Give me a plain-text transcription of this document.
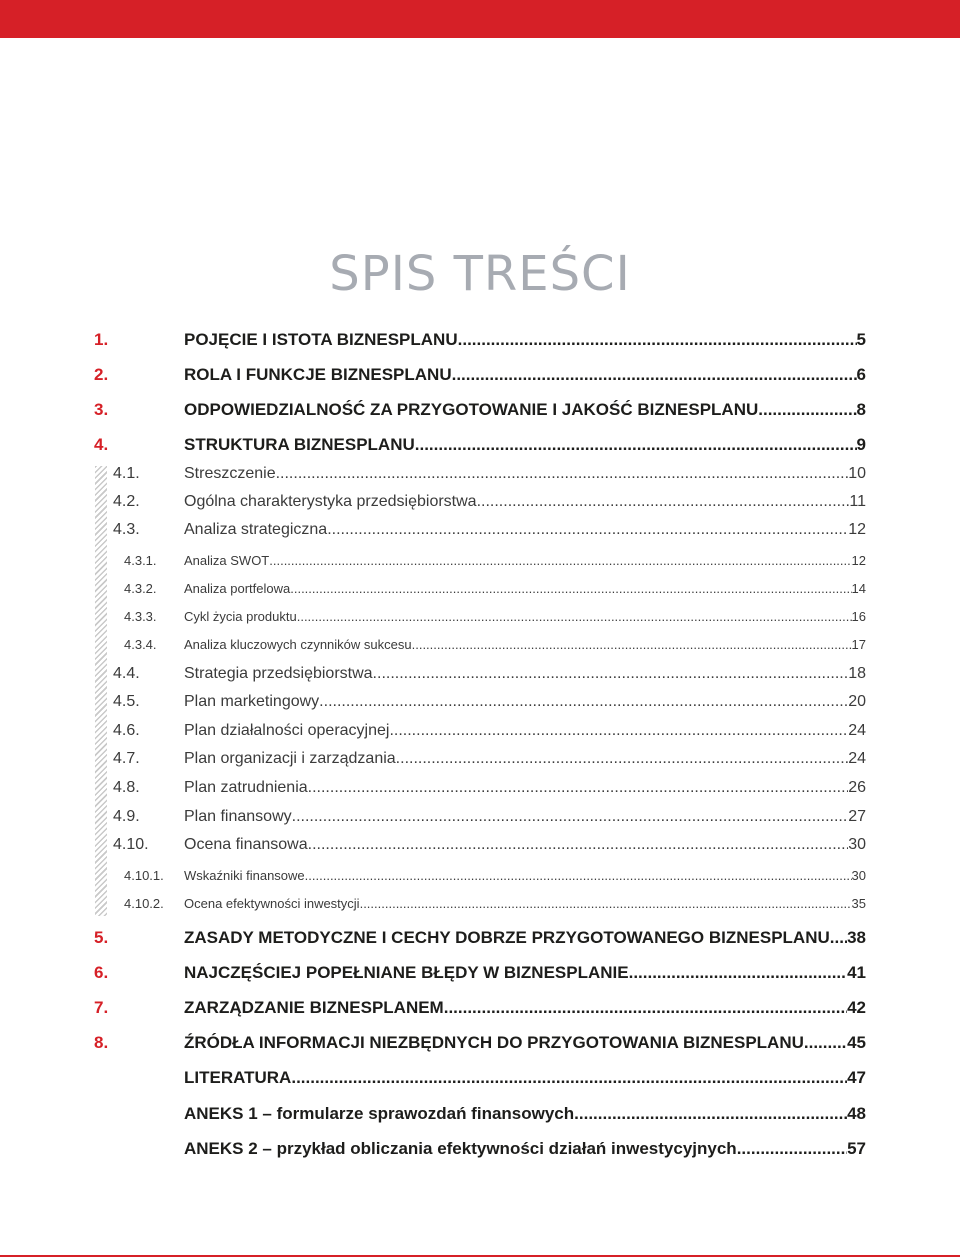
SPIS TREŚCI
1.	POJĘCIE I ISTOTA BIZNESPLANU .....	5
2.	ROLA I FUNKCJE BIZNESPLANU .....	6
3.	ODPOWIEDZIALNOŚĆ ZA PRZYGOTOWANIE I JAKOŚĆ BIZNESPLANU .....	8
4.	STRUKTURA BIZNESPLANU .....	9
4.1.	Streszczenie .....	10
4.2.	Ogólna charakterystyka przedsiębiorstwa .....	11
4.3.	Analiza strategiczna .....	12
4.3.1. Analiza SWOT .....	12
4.3.2. Analiza portfelowa .....	14
4.3.3. Cykl życia produktu .....	16
4.3.4. Analiza kluczowych czynników sukcesu .....	17
4.4.	Strategia przedsiębiorstwa .....	18
4.5.	Plan marketingowy .....	20
4.6.	Plan działalności operacyjnej .....	24
4.7.	Plan organizacji i zarządzania .....	24
4.8.	Plan zatrudnienia .....	26
4.9.	Plan finansowy .....	27
4.10. Ocena finansowa .....	30
4.10.1. Wskaźniki finansowe .....	30
4.10.2. Ocena efektywności inwestycji .....	35
5.	ZASADY METODYCZNE I CECHY DOBRZE PRZYGOTOWANEGO BIZNESPLANU ..... 38
6.	NAJCZĘŚCIEJ POPEŁNIANE BŁĘDY W BIZNESPLANIE .....	41
7.	ZARZĄDZANIE BIZNESPLANEM .....	42
8.	ŹRÓDŁA INFORMACJI NIEZBĘDNYCH DO PRZYGOTOWANIA BIZNESPLANU .....	45
LITERATURA .....	47
ANEKS 1 – formularze sprawozdań finansowych .....	48
ANEKS 2 – przykład obliczania efektywności działań inwestycyjnych .....	57
